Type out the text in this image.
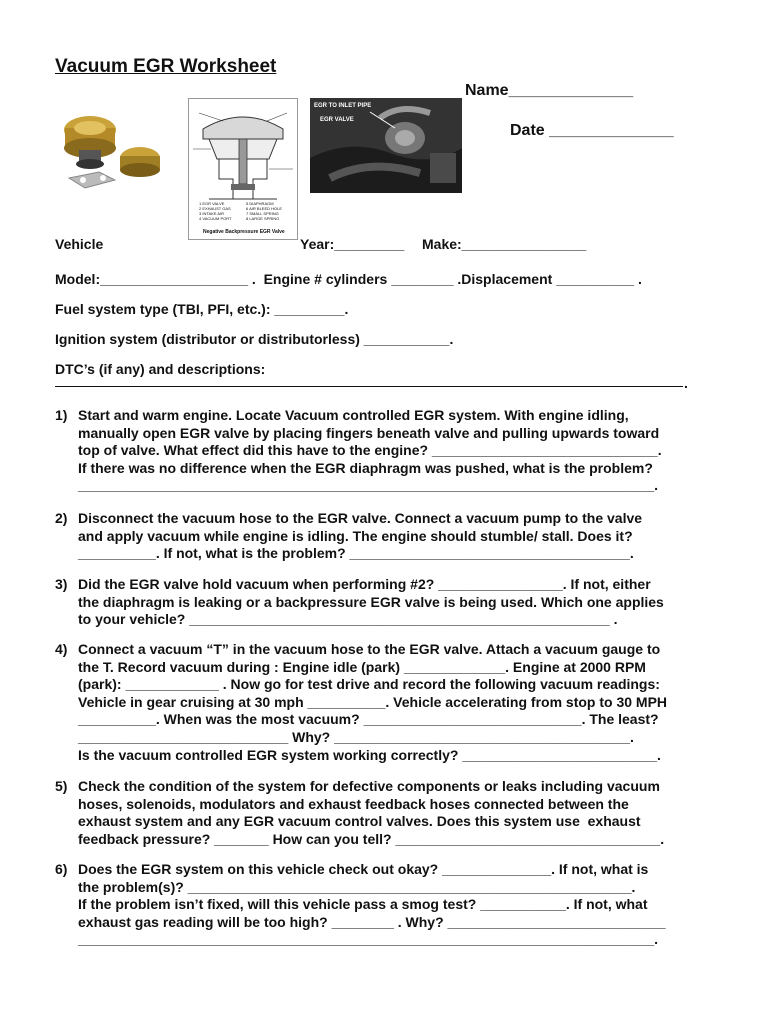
Vacuum EGR Worksheet
Name______________
Date ______________
1 EGR VALVE
2 EXHAUST GAS
3 INTAKE AIR
4 VACUUM PORT
5 DIAPHRAGM
6 AIR BLEED HOLE
7 SMALL SPRING
8 LARGE SPRING
Negative Backpressure EGR Valve
EGR TO INLET PIPE
EGR VALVE
Vehicle	Year:_________ Make:________________
Model:___________________ .  Engine # cylinders ________ .Displacement __________ .
Fuel system type (TBI, PFI, etc.): _________.
Ignition system (distributor or distributorless) ___________.
DTC’s (if any) and descriptions:
.
1) Start and warm engine. Locate Vacuum controlled EGR system. With engine idling,
manually open EGR valve by placing fingers beneath valve and pulling upwards toward
top of valve. What effect did this have to the engine? _____________________________.
If there was no difference when the EGR diaphragm was pushed, what is the problem?
__________________________________________________________________________.
2) Disconnect the vacuum hose to the EGR valve. Connect a vacuum pump to the valve
and apply vacuum while engine is idling. The engine should stumble/ stall. Does it?
__________. If not, what is the problem? ____________________________________.
3) Did the EGR valve hold vacuum when performing #2? ________________. If not, either
the diaphragm is leaking or a backpressure EGR valve is being used. Which one applies
to your vehicle? ______________________________________________________ .
4) Connect a vacuum “T” in the vacuum hose to the EGR valve. Attach a vacuum gauge to
the T. Record vacuum during : Engine idle (park) _____________. Engine at 2000 RPM
(park): ____________ . Now go for test drive and record the following vacuum readings:
Vehicle in gear cruising at 30 mph __________. Vehicle accelerating from stop to 30 MPH
__________. When was the most vacuum? ____________________________. The least?
___________________________ Why? ______________________________________.
Is the vacuum controlled EGR system working correctly? _________________________.
5) Check the condition of the system for defective components or leaks including vacuum
hoses, solenoids, modulators and exhaust feedback hoses connected between the
exhaust system and any EGR vacuum control valves. Does this system use  exhaust
feedback pressure? _______ How can you tell? __________________________________.
6) Does the EGR system on this vehicle check out okay? ______________. If not, what is
the problem(s)? _________________________________________________________.
If the problem isn’t fixed, will this vehicle pass a smog test? ___________. If not, what
exhaust gas reading will be too high? ________ . Why? ____________________________
__________________________________________________________________________.
